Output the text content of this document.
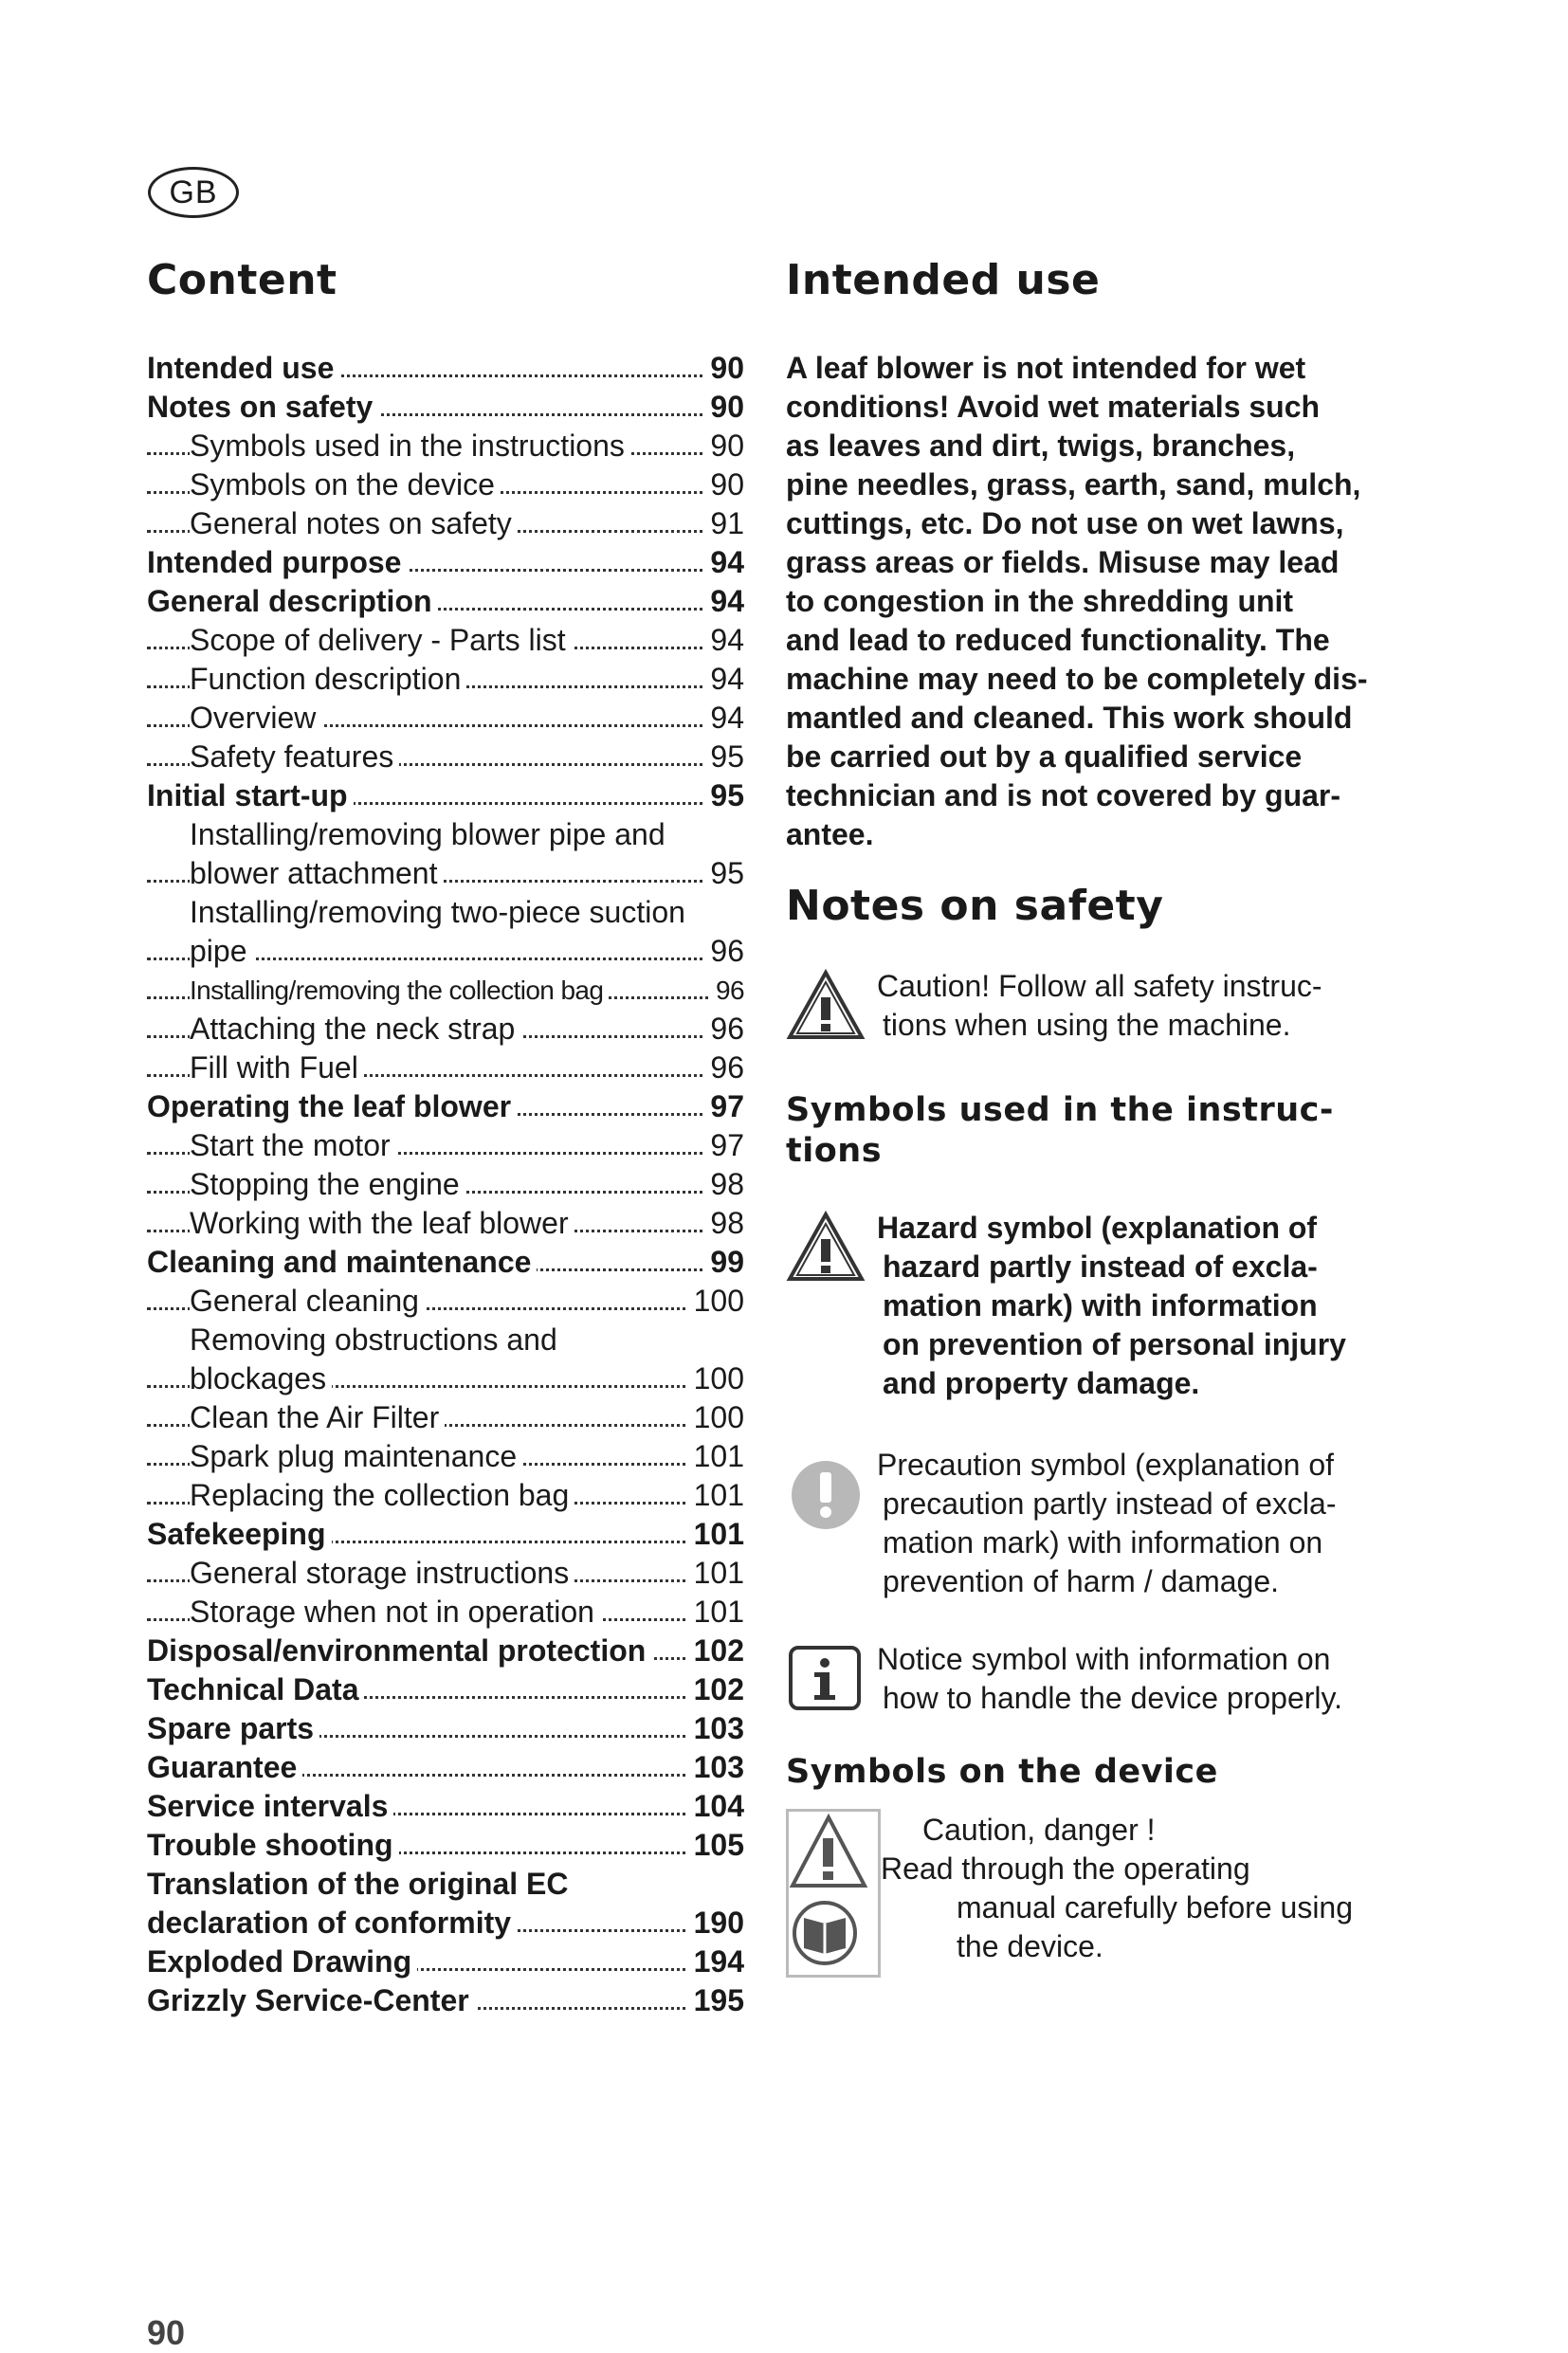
GB
Content
Intended use	90
Notes on safety	90
Symbols used in the instructions	90
Symbols on the device	90
General notes on safety	91
Intended purpose	94
General description	94
Scope of delivery - Parts list	94
Function description	94
Overview	94
Safety features	95
Initial start-up	95
Installing/removing blower pipe and
blower attachment	95
Installing/removing two-piece suction
pipe	96
Installing/removing the collection bag	96
Attaching the neck strap	96
Fill with Fuel	96
Operating the leaf blower	97
Start the motor	97
Stopping the engine	98
Working with the leaf blower	98
Cleaning and maintenance	99
General cleaning	100
Removing obstructions and
blockages	100
Clean the Air Filter	100
Spark plug maintenance	101
Replacing the collection bag	101
Safekeeping	101
General storage instructions	101
Storage when not in operation	101
Disposal/environmental protection 102
Technical Data	102
Spare parts	103
Guarantee	103
Service intervals	104
Trouble shooting	105
Translation of the original EC
declaration of conformity	190
Exploded Drawing	194
Grizzly Service-Center	195
90
Intended use
A leaf blower is not intended for wet
conditions! Avoid wet materials such
as leaves and dirt, twigs, branches,
pine needles, grass, earth, sand, mulch,
cuttings, etc. Do not use on wet lawns,
grass areas or fields. Misuse may lead
to congestion in the shredding unit
and lead to reduced functionality. The
machine may need to be completely dis-
mantled and cleaned. This work should
be carried out by a qualified service
technician and is not covered by guar-
antee.
Notes on safety
Caution! Follow all safety instruc-
tions when using the machine.
Symbols used in the instruc-
tions
Hazard symbol (explanation of
hazard partly instead of excla-
mation mark) with information
on prevention of personal injury
and property damage.
Precaution symbol (explanation of
precaution partly instead of excla-
mation mark) with information on
prevention of harm / damage.
Notice symbol with information on
how to handle the device properly.
Symbols on the device
Caution, danger !
Read through the operating
manual carefully before using
the device.
